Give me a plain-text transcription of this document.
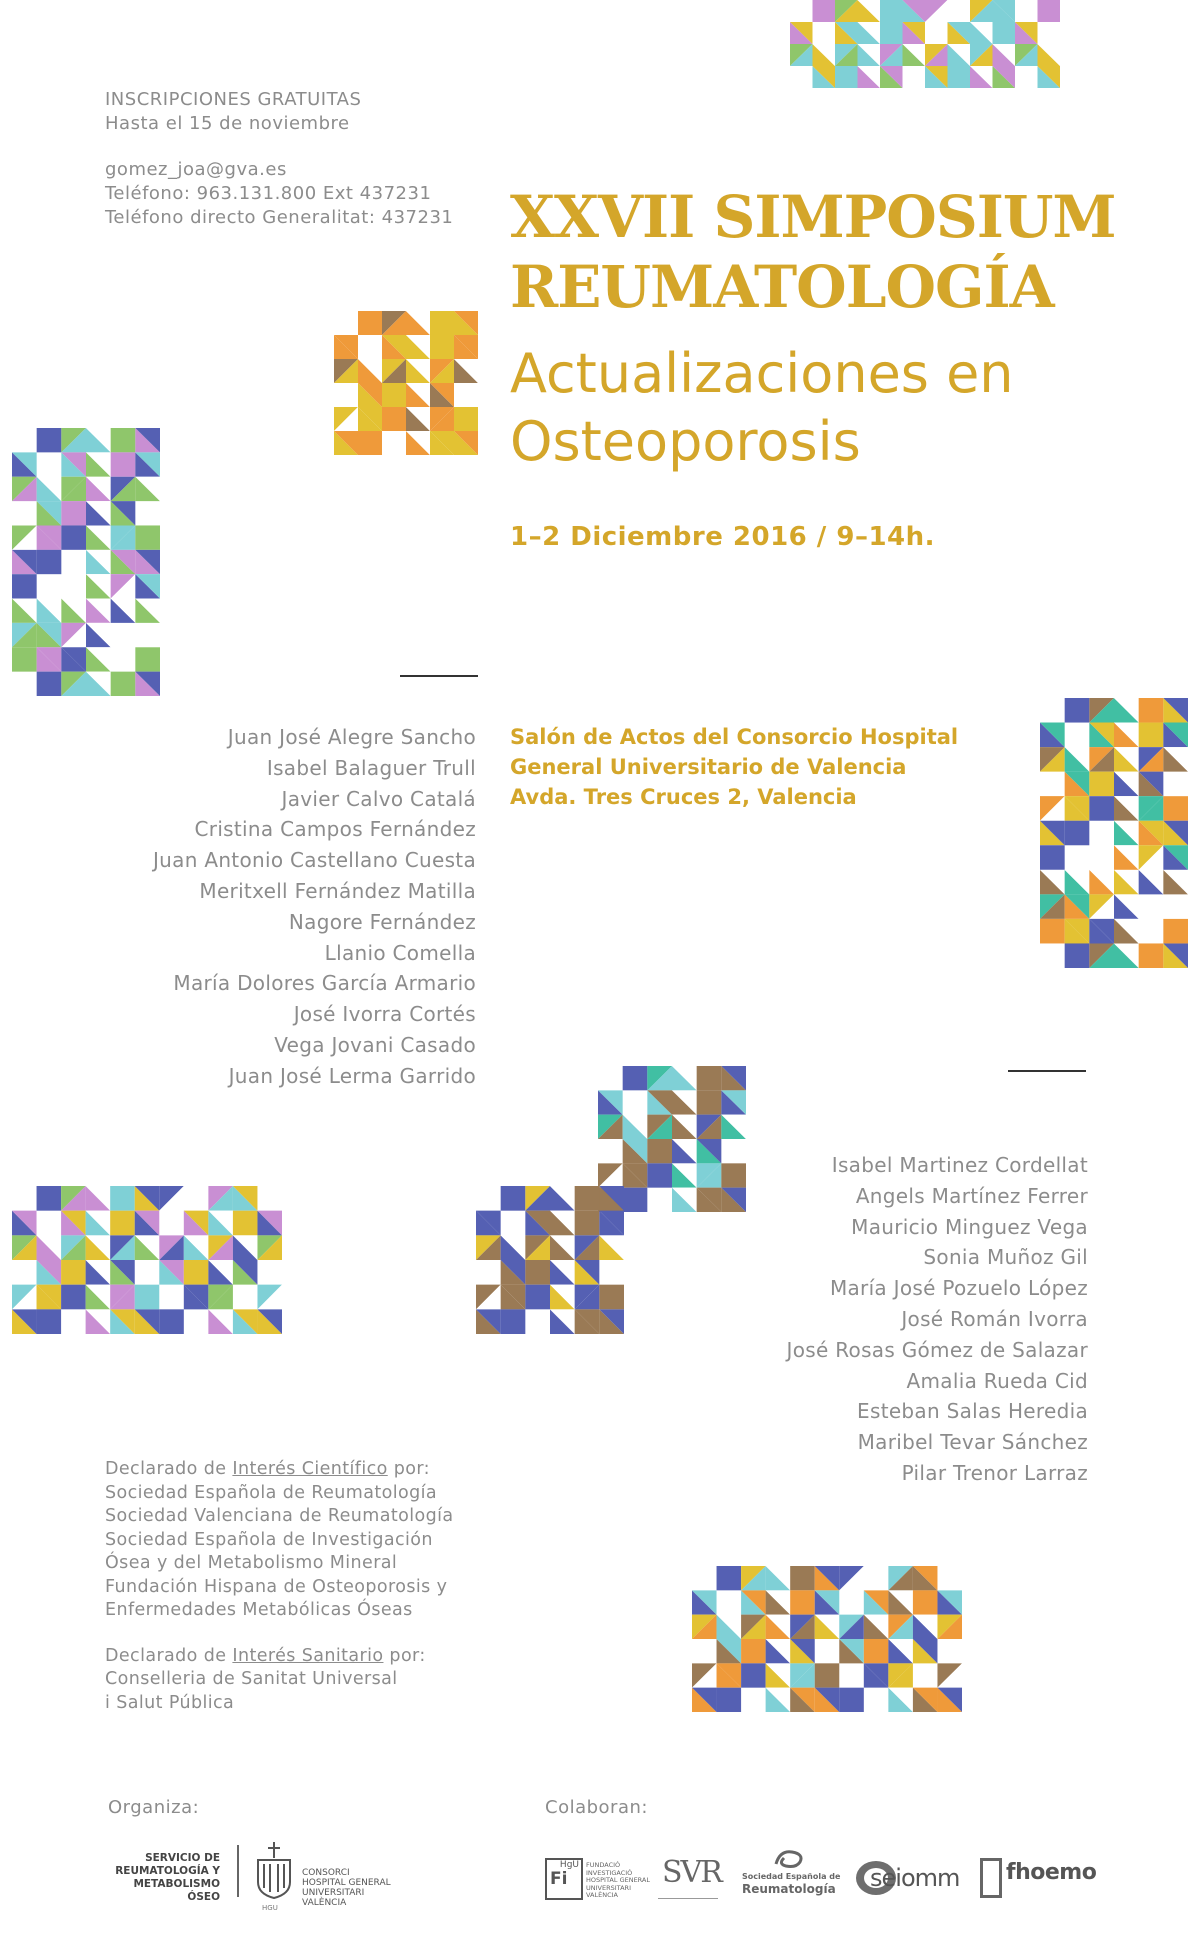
INSCRIPCIONES GRATUITAS

Hasta el 15 de noviembre

gomez_joa@gva.es

Teléfono: 963.131.800 Ext 437231

Teléfono directo Generalitat: 437231 XXVII SIMPOSIUM
REUMATOLOGÍA
Actualizaciones en
Osteoporosis
1–2 Diciembre 2016 / 9–14h.
Salón de Actos del Consorcio Hospital
General Universitario de Valencia
Avda. Tres Cruces 2, Valencia
Juan José Alegre Sancho
Isabel Balaguer Trull
Javier Calvo Catalá
Cristina Campos Fernández
Juan Antonio Castellano Cuesta
Meritxell Fernández Matilla
Nagore Fernández
Llanio Comella
María Dolores García Armario
José Ivorra Cortés
Vega Jovani Casado
Juan José Lerma Garrido
Isabel Martinez Cordellat
Angels Martínez Ferrer
Mauricio Minguez Vega
Sonia Muñoz Gil
María José Pozuelo López
José Román Ivorra
José Rosas Gómez de Salazar
Amalia Rueda Cid
Esteban Salas Heredia
Maribel Tevar Sánchez
Pilar Trenor Larraz
Declarado de Interés Científico por:
Sociedad Española de Reumatología
Sociedad Valenciana de Reumatología
Sociedad Española de Investigación
Ósea y del Metabolismo Mineral
Fundación Hispana de Osteoporosis y
Enfermedades Metabólicas Óseas
Declarado de Interés Sanitario por:
Conselleria de Sanitat Universal
i Salut Pública
Organiza:	Colaboran:
SERVICIO DE
REUMATOLOGÍA Y
METABOLISMO ÓSEO
CONSORCI
HOSPITAL GENERAL
UNIVERSITARI
VALÈNCIA
HGU
HgU
Fi
FUNDACIÓ
INVESTIGACIÓ
HOSPITAL GENERAL
UNIVERSITARI
VALÈNCIA
SVR	Sociedad Española de
Reumatología seiomm fhoemo
